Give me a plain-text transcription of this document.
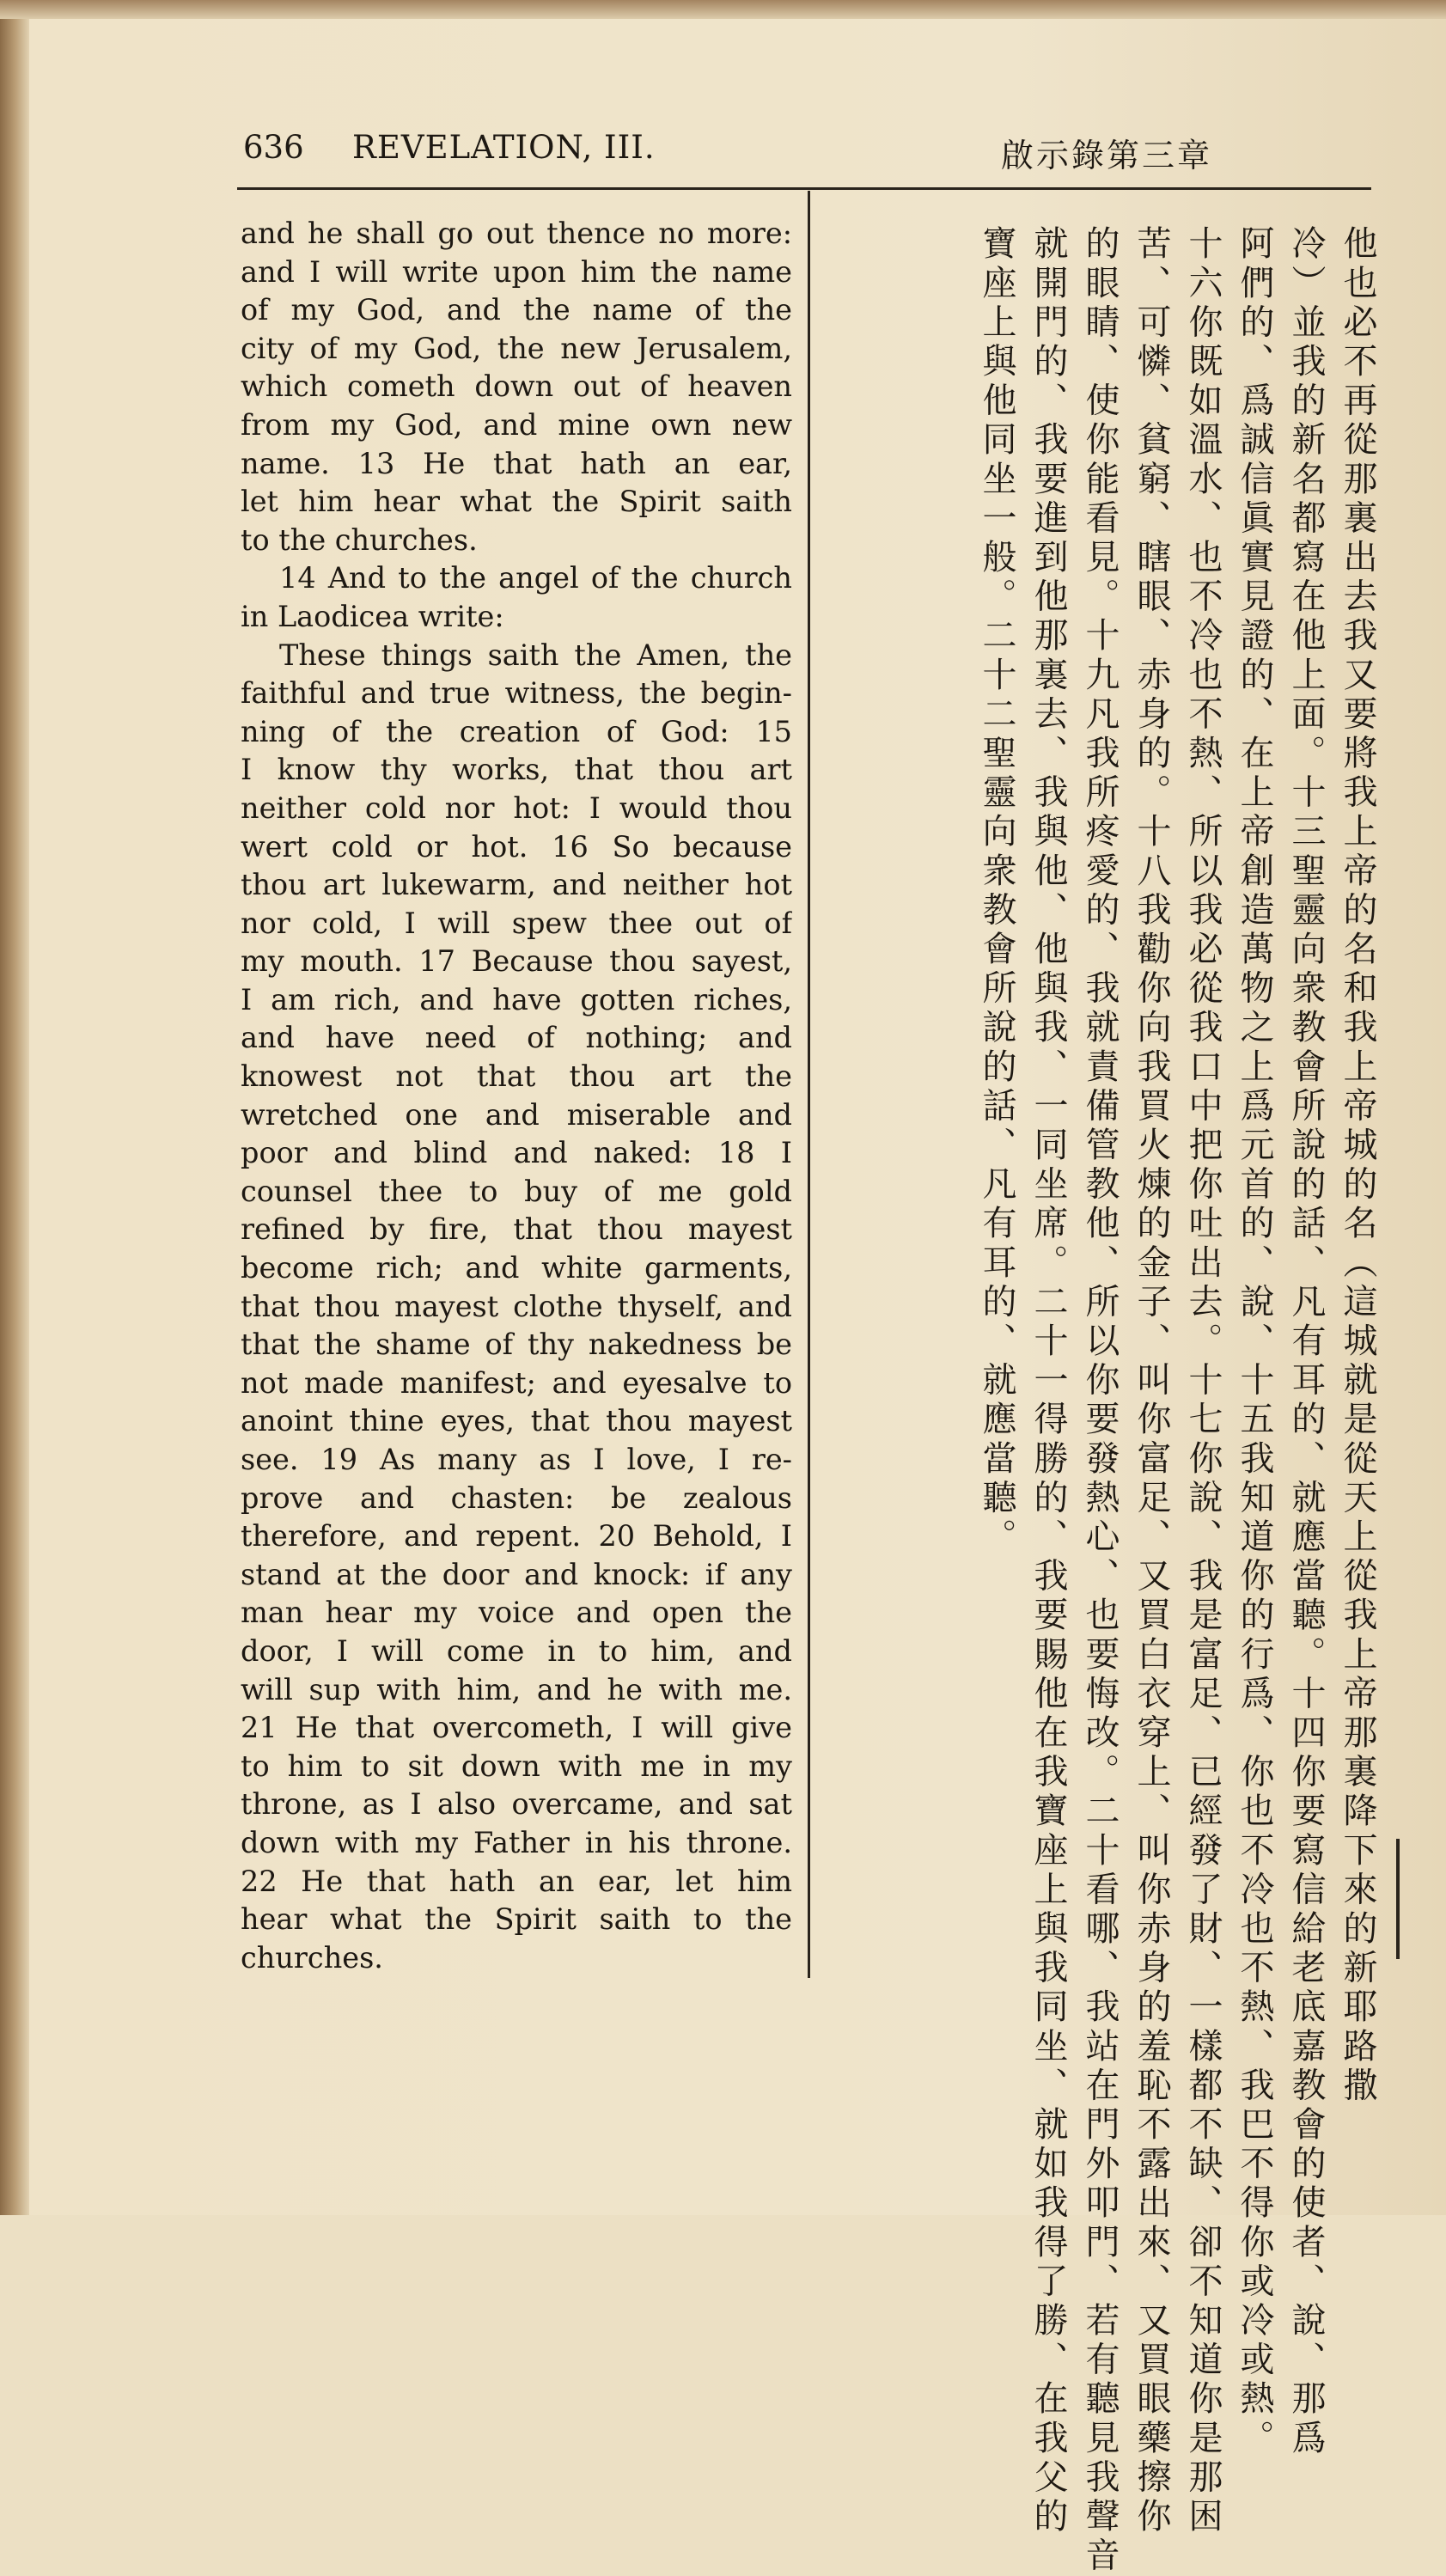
636 REVELATION, III.	啟示錄第三章
and he shall go out thence no more:
and I will write upon him the name
of my God, and the name of the
city of my God, the new Jerusalem,
which cometh down out of heaven
from my God, and mine own new
name. 13 He that hath an ear,
let him hear what the Spirit saith
to the churches.
14 And to the angel of the church
in Laodicea write:
These things saith the Amen, the
faithful and true witness, the begin-
ning of the creation of God: 15
I know thy works, that thou art
neither cold nor hot: I would thou
wert cold or hot. 16 So because
thou art lukewarm, and neither hot
nor cold, I will spew thee out of
my mouth. 17 Because thou sayest,
I am rich, and have gotten riches,
and have need of nothing; and
knowest not that thou art the
wretched one and miserable and
poor and blind and naked: 18 I
counsel thee to buy of me gold
refined by fire, that thou mayest
become rich; and white garments,
that thou mayest clothe thyself, and
that the shame of thy nakedness be
not made manifest; and eyesalve to
anoint thine eyes, that thou mayest
see. 19 As many as I love, I re-
prove and chasten: be zealous
therefore, and repent. 20 Behold, I
stand at the door and knock: if any
man hear my voice and open the
door, I will come in to him, and
will sup with him, and he with me.
21 He that overcometh, I will give
to him to sit down with me in my
throne, as I also overcame, and sat
down with my Father in his throne.
22 He that hath an ear, let him
hear what the Spirit saith to the
churches.	他也必不再從那裏出去我又要將我上帝的名和我上帝城的名（這城就是從天上從我上帝那裏降下來的新耶路撒
冷）並我的新名都寫在他上面。十三聖靈向衆教會所說的話、凡有耳的、就應當聽。十四你要寫信給老底嘉教會的使者、說、那爲
阿們的、爲誠信眞實見證的、在上帝創造萬物之上爲元首的、說、十五我知道你的行爲、你也不冷也不熱、我巴不得你或冷或熱。
十六你既如溫水、也不冷也不熱、所以我必從我口中把你吐出去。十七你說、我是富足、已經發了財、一樣都不缺、卻不知道你是那困
苦、可憐、貧窮、瞎眼、赤身的。十八我勸你向我買火煉的金子、叫你富足、又買白衣穿上、叫你赤身的羞恥不露出來、又買眼藥擦你
的眼睛、使你能看見。十九凡我所疼愛的、我就責備管教他、所以你要發熱心、也要悔改。二十看哪、我站在門外叩門、若有聽見我聲音
就開門的、我要進到他那裏去、我與他、他與我、一同坐席。二十一得勝的、我要賜他在我寶座上與我同坐、就如我得了勝、在我父的
寶座上與他同坐一般。二十二聖靈向衆教會所說的話、凡有耳的、就應當聽。
